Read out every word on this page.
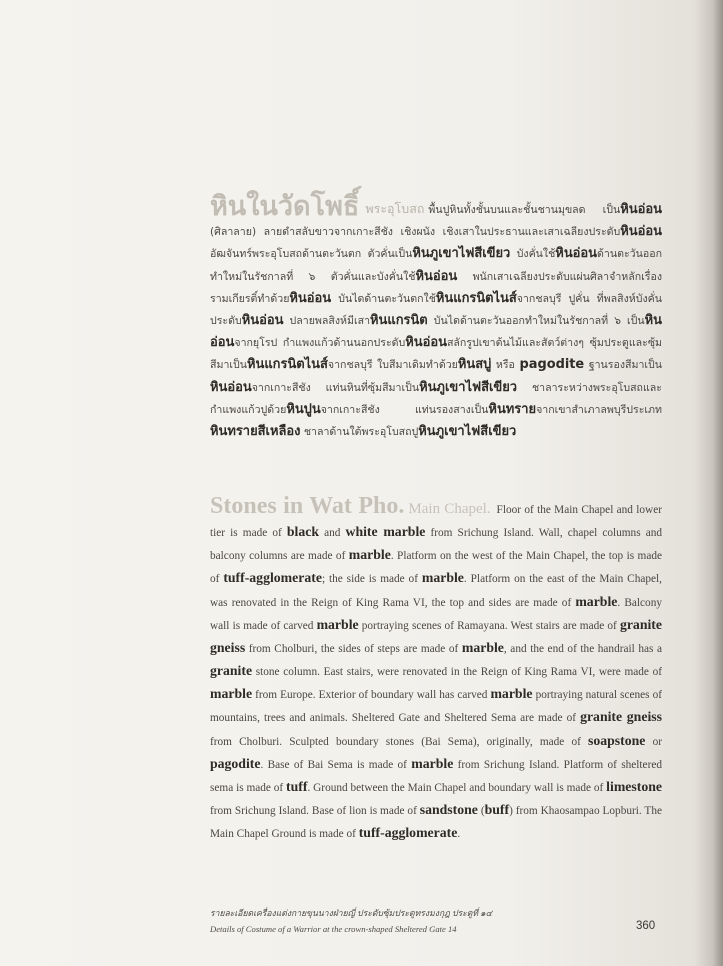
หินในวัดโพธิ์ พระอุโบสถ พื้นปูหินทั้งชั้นบนและชั้นชานมุขลด เป็นหินอ่อน (ศิลาลาย) ลายดำสลับขาวจากเกาะสีชัง เชิงผนัง เชิงเสาในประธานและเสาเฉลียงประดับหินอ่อน อัฒจันทร์พระอุโบสถด้านตะวันตก ตัวคั่นเป็นหินภูเขาไฟสีเขียว บังคั่นใช้หินอ่อนด้านตะวันออกทำใหม่ในรัชกาลที่ ๖ ตัวคั่นและบังคั่นใช้หินอ่อน พนักเสาเฉลียงประดับแผ่นศิลาจำหลักเรื่องรามเกียรติ์ทำด้วยหินอ่อน บันไดด้านตะวันตกใช้หินแกรนิตไนส์จากชลบุรี ปูคั่น ที่พลสิงห์บังคั่นประดับหินอ่อน ปลายพลสิงห์มีเสาหินแกรนิต บันไดด้านตะวันออกทำใหม่ในรัชกาลที่ ๖ เป็นหินอ่อนจากยุโรป กำแพงแก้วด้านนอกประดับหินอ่อนสลักรูปเขาต้นไม้และสัตว์ต่างๆ ซุ้มประตูและซุ้มสีมาเป็นหินแกรนิตไนส์จากชลบุรี ใบสีมาเดิมทำด้วยหินสบู่ หรือ pagodite ฐานรองสีมาเป็นหินอ่อนจากเกาะสีชัง แท่นหินที่ซุ้มสีมาเป็นหินภูเขาไฟสีเขียว ชาลาระหว่างพระอุโบสถและกำแพงแก้วปูด้วยหินปูนจากเกาะสีชัง แท่นรองสางเป็นหินทรายจากเขาสำเภาลพบุรีประเภทหินทรายสีเหลือง ชาลาด้านใต้พระอุโบสถปูหินภูเขาไฟสีเขียว
Stones in Wat Pho. Main Chapel. Floor of the Main Chapel and lower tier is made of black and white marble from Srichung Island. Wall, chapel columns and balcony columns are made of marble. Platform on the west of the Main Chapel, the top is made of tuff-agglomerate; the side is made of marble. Platform on the east of the Main Chapel, was renovated in the Reign of King Rama VI, the top and sides are made of marble. Balcony wall is made of carved marble portraying scenes of Ramayana. West stairs are made of granite gneiss from Cholburi, the sides of steps are made of marble, and the end of the handrail has a granite stone column. East stairs, were renovated in the Reign of King Rama VI, were made of marble from Europe. Exterior of boundary wall has carved marble portraying natural scenes of mountains, trees and animals. Sheltered Gate and Sheltered Sema are made of granite gneiss from Cholburi. Sculpted boundary stones (Bai Sema), originally, made of soapstone or pagodite. Base of Bai Sema is made of marble from Srichung Island. Platform of sheltered sema is made of tuff. Ground between the Main Chapel and boundary wall is made of limestone from Srichung Island. Base of lion is made of sandstone (buff) from Khaosampao Lopburi. The Main Chapel Ground is made of tuff-agglomerate.
รายละเอียดเครื่องแต่งกายขุนนางฝ่ายญี่ ประดับซุ้มประตูทรงมงกุฎ ประตูที่ ๑๔
Details of Costume of a Warrior at the crown-shaped Sheltered Gate 14	360
